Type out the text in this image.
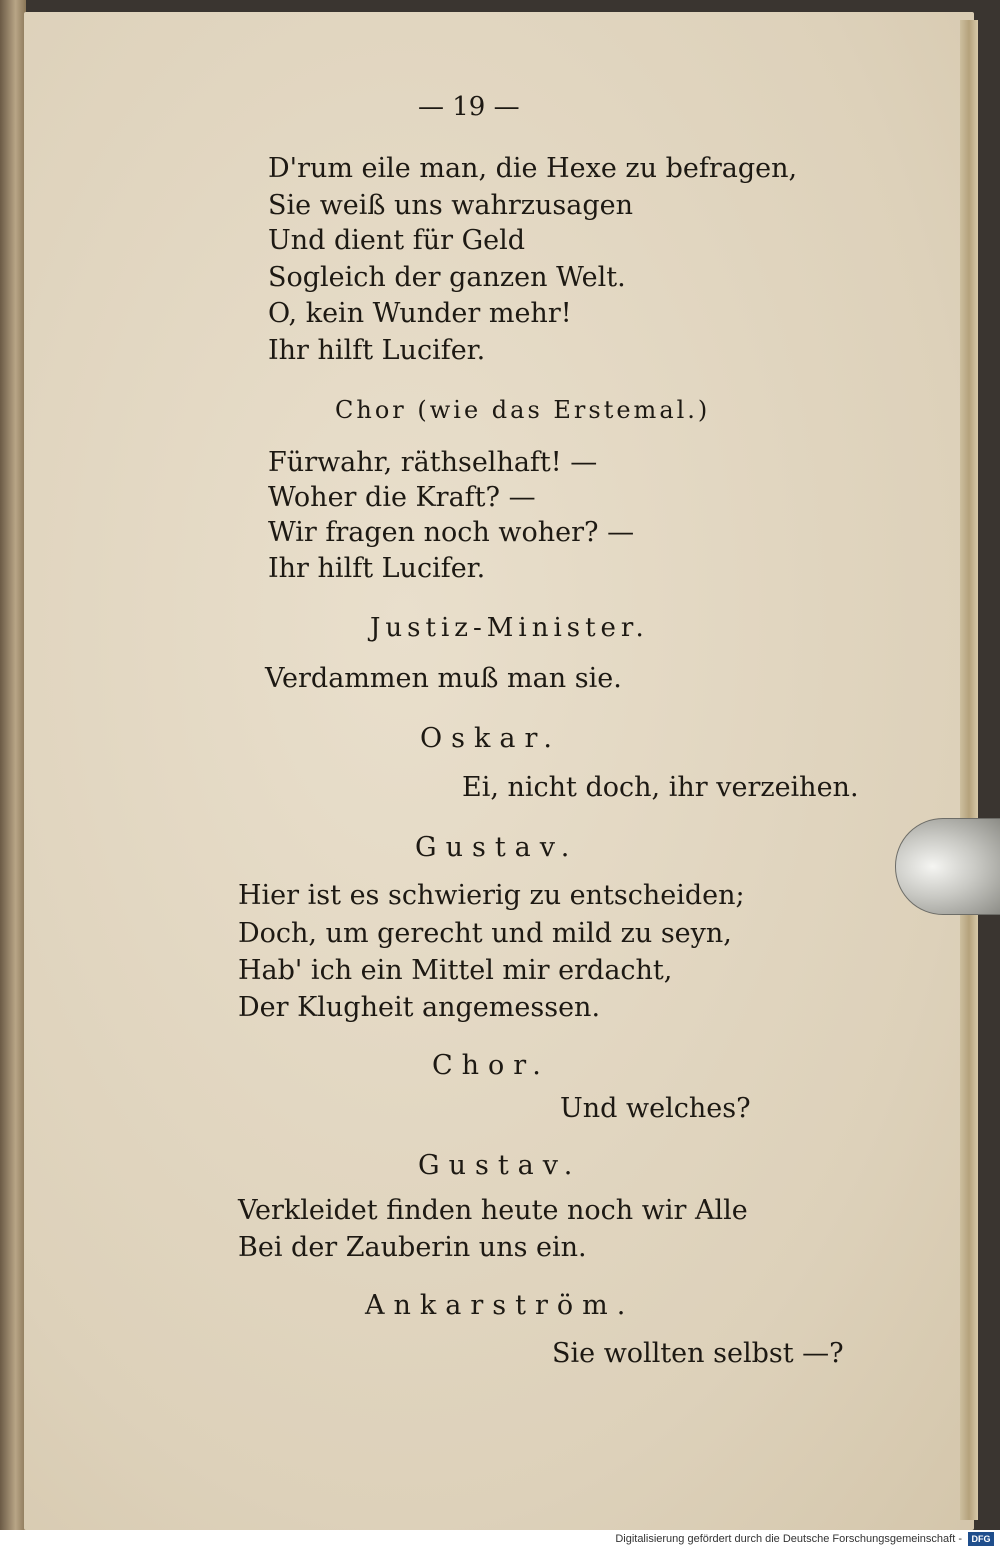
— 19 —
D'rum eile man, die Hexe zu befragen,
Sie weiß uns wahrzusagen
Und dient für Geld
Sogleich der ganzen Welt.
O, kein Wunder mehr!
Ihr hilft Lucifer.
Chor (wie das Erstemal.)
Fürwahr, räthselhaft! —
Woher die Kraft? —
Wir fragen noch woher? —
Ihr hilft Lucifer.
Justiz-Minister.
Verdammen muß man sie.
Oskar.
Ei, nicht doch, ihr verzeihen.
Gustav.
Hier ist es schwierig zu entscheiden;
Doch, um gerecht und mild zu seyn,
Hab' ich ein Mittel mir erdacht,
Der Klugheit angemessen.
Chor.
Und welches?
Gustav.
Verkleidet finden heute noch wir Alle
Bei der Zauberin uns ein.
Ankarström.
Sie wollten selbst —?
Digitalisierung gefördert durch die Deutsche Forschungsgemeinschaft -	DFG
